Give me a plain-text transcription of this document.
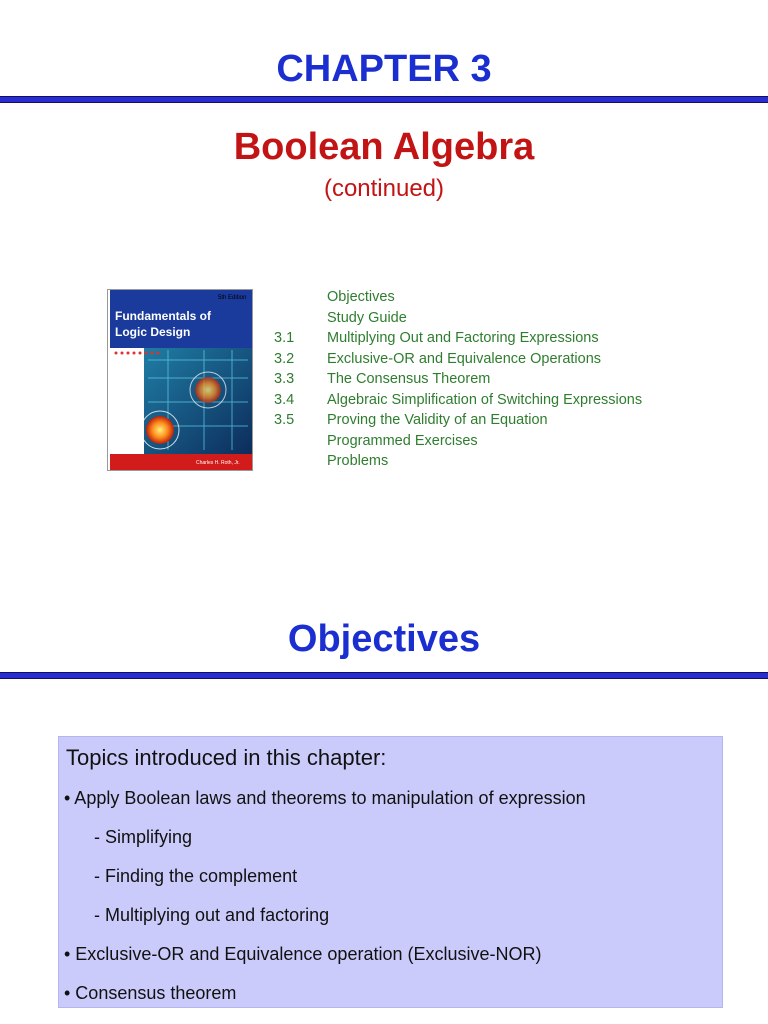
CHAPTER 3
Boolean Algebra
(continued)
5th Edition
Fundamentals of
Logic Design
Charles H. Roth, Jr.
Objectives
Study Guide
3.1	Multiplying Out and Factoring Expressions
3.2	Exclusive-OR and Equivalence Operations
3.3	The Consensus Theorem
3.4	Algebraic Simplification of Switching Expressions
3.5	Proving the Validity of an Equation
Programmed Exercises
Problems
Objectives
Topics introduced in this chapter:
• Apply Boolean laws and theorems to manipulation of expression
- Simplifying
- Finding the complement
- Multiplying out and factoring
• Exclusive-OR and Equivalence operation (Exclusive-NOR)
• Consensus theorem
